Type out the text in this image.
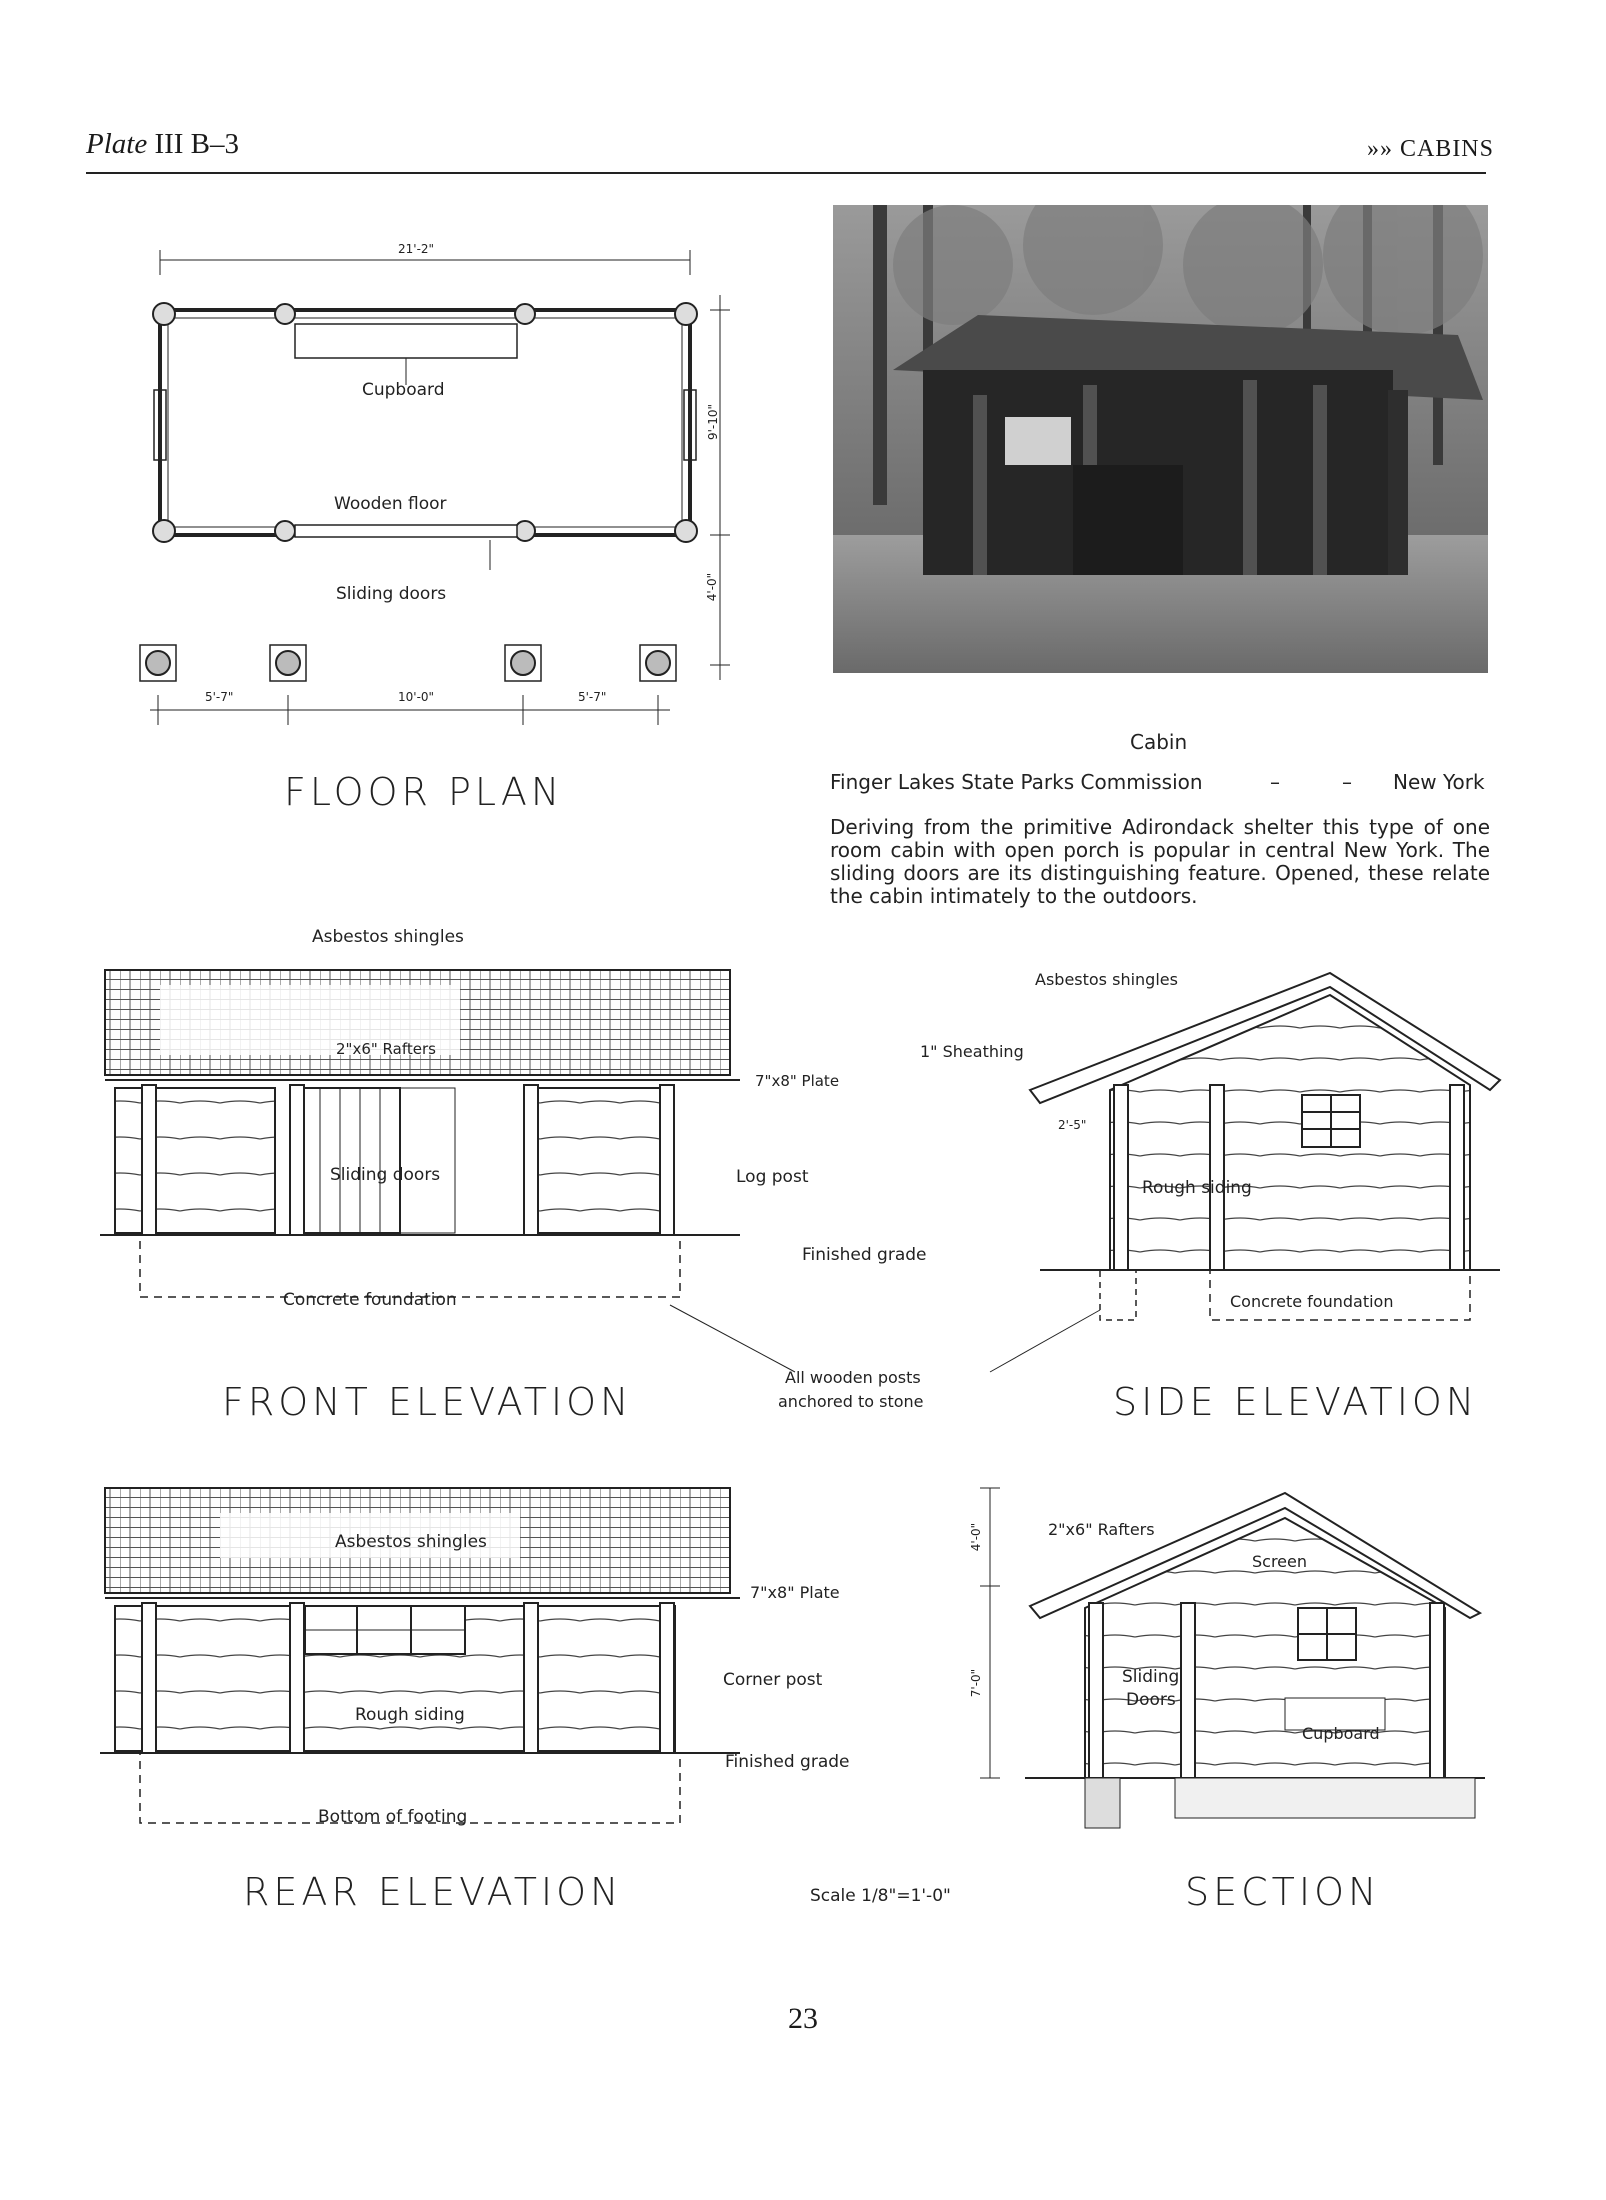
Plate III B–3	»» CABINS
21'-2"
9'-10"
4'-0"
5'-7"	10'-0"	5'-7"
Cupboard
Wooden floor
Sliding doors
FLOOR PLAN
Cabin
Finger Lakes State Parks Commission	–	– New York
Deriving from the primitive Adirondack shelter this type of one room cabin with open porch is popular in central New York. The sliding doors are its distinguishing feature. Opened, these relate the cabin intimately to the outdoors.
Asbestos shingles
2"x6" Rafters
7"x8" Plate
Sliding doors	Log post
Finished grade
Concrete foundation
FRONT ELEVATION
All wooden posts
anchored to stone
Asbestos shingles
1" Sheathing
2'-5"
Rough siding
Concrete foundation
SIDE ELEVATION
Asbestos shingles
7"x8" Plate
Corner post
Rough siding
Finished grade
Bottom of footing
REAR ELEVATION
4'-0"
7'-0"
2"x6" Rafters
Screen
Sliding
Doors
Cupboard
SECTION
Scale 1/8"=1'-0"
23
